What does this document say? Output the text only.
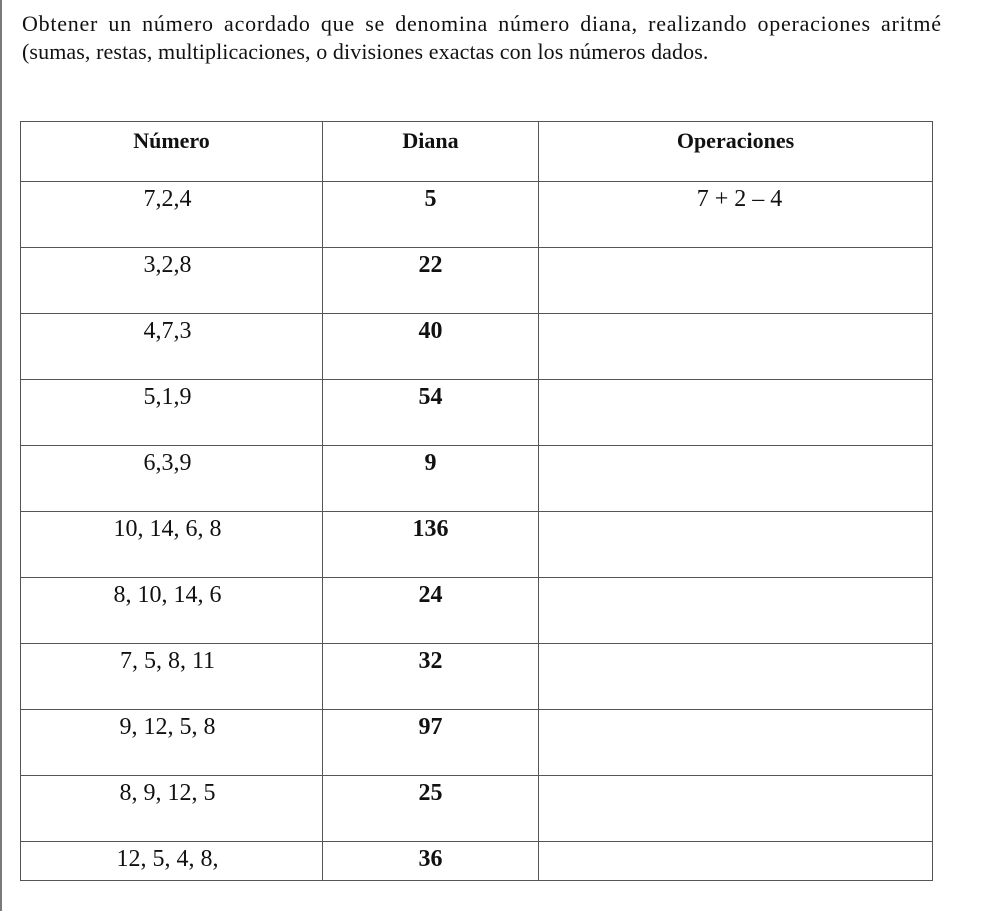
Obtener un número acordado que se denomina número diana, realizando operaciones aritmé
(sumas, restas, multiplicaciones, o divisiones exactas con los números dados.
Número	Diana	Operaciones
7,2,4	5	7 + 2 – 4
3,2,8	22	
4,7,3	40	
5,1,9	54	
6,3,9	9	
10, 14, 6, 8	136	
8, 10, 14, 6	24	
7, 5, 8, 11	32	
9, 12, 5, 8	97	
8, 9, 12, 5	25	
12, 5, 4, 8,	36	
